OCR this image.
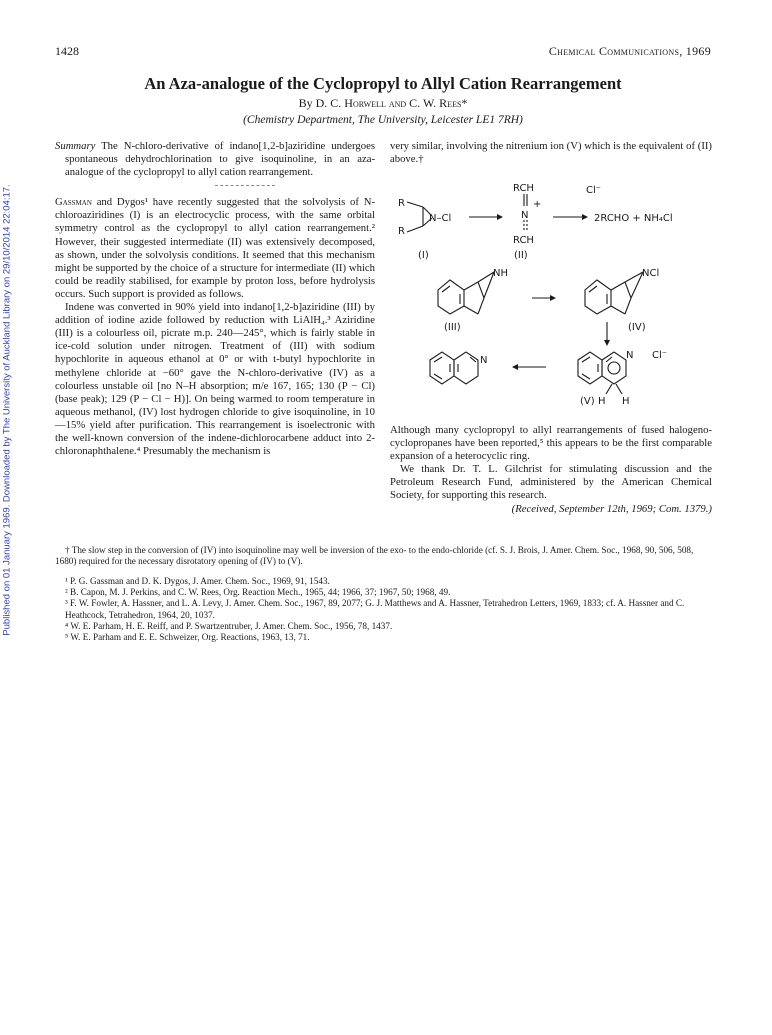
Published on 01 January 1969. Downloaded by The University of Auckland Library on 29/10/2014 22:04:17.
1428	Chemical Communications, 1969
An Aza-analogue of the Cyclopropyl to Allyl Cation Rearrangement
By D. C. Horwell and C. W. Rees*
(Chemistry Department, The University, Leicester LE1 7RH)

Summary The N-chloro-derivative of indano[1,2-b]aziridine undergoes spontaneous dehydrochlorination to give isoquinoline, in an aza-analogue of the cyclopropyl to allyl cation rearrangement.

Gassman and Dygos¹ have recently suggested that the solvolysis of N-chloroaziridines (I) is an electrocyclic process, with the same orbital symmetry control as the cyclopropyl to allyl cation rearrangement.² However, their suggested intermediate (II) was extensively decomposed, as shown, under the solvolysis conditions. It seemed that this mechanism might be supported by the choice of a structure for intermediate (II) which could be readily stabilised, for example by proton loss, before hydrolysis occurs. Such support is provided as follows.

Indene was converted in 90% yield into indano[1,2-b]aziridine (III) by addition of iodine azide followed by reduction with LiAlH₄.³ Aziridine (III) is a colourless oil, picrate m.p. 240—245°, which is fairly stable in ice-cold solution under nitrogen. Treatment of (III) with sodium hypochlorite in aqueous ethanol at 0° or with t-butyl hypochlorite in methylene chloride at −60° gave the N-chloro-derivative (IV) as a colourless unstable oil [no N–H absorption; m/e 167, 165; 130 (P − Cl) (base peak); 129 (P − Cl − H)]. On being warmed to room temperature in aqueous methanol, (IV) lost hydrogen chloride to give isoquinoline, in 10—15% yield after purification. This rearrangement is isoelectronic with the well-known conversion of the indene-dichlorocarbene adduct into 2-chloronaphthalene.⁴ Presumably the mechanism is

very similar, involving the nitrenium ion (V) which is the equivalent of (II) above.†

R
R
N–Cl
RCH
N
+
RCH
Cl⁻
2RCHO + NH₄Cl
(I)	(II)
NH	NCl
(III)	(IV)
N	N Cl⁻
(V) H H

Although many cyclopropyl to allyl rearrangements of fused halogeno-cyclopropanes have been reported,⁵ this appears to be the first comparable expansion of a heterocyclic ring.

We thank Dr. T. L. Gilchrist for stimulating discussion and the Petroleum Research Fund, administered by the American Chemical Society, for supporting this research.

(Received, September 12th, 1969; Com. 1379.)

† The slow step in the conversion of (IV) into isoquinoline may well be inversion of the exo- to the endo-chloride (cf. S. J. Brois, J. Amer. Chem. Soc., 1968, 90, 506, 508, 1680) required for the necessary disrotatory opening of (IV) to (V).

¹ P. G. Gassman and D. K. Dygos, J. Amer. Chem. Soc., 1969, 91, 1543.

² B. Capon, M. J. Perkins, and C. W. Rees, Org. Reaction Mech., 1965, 44; 1966, 37; 1967, 50; 1968, 49.

³ F. W. Fowler, A. Hassner, and L. A. Levy, J. Amer. Chem. Soc., 1967, 89, 2077; G. J. Matthews and A. Hassner, Tetrahedron Letters, 1969, 1833; cf. A. Hassner and C. Heathcock, Tetrahedron, 1964, 20, 1037.

⁴ W. E. Parham, H. E. Reiff, and P. Swartzentruber, J. Amer. Chem. Soc., 1956, 78, 1437.

⁵ W. E. Parham and E. E. Schweizer, Org. Reactions, 1963, 13, 71.
